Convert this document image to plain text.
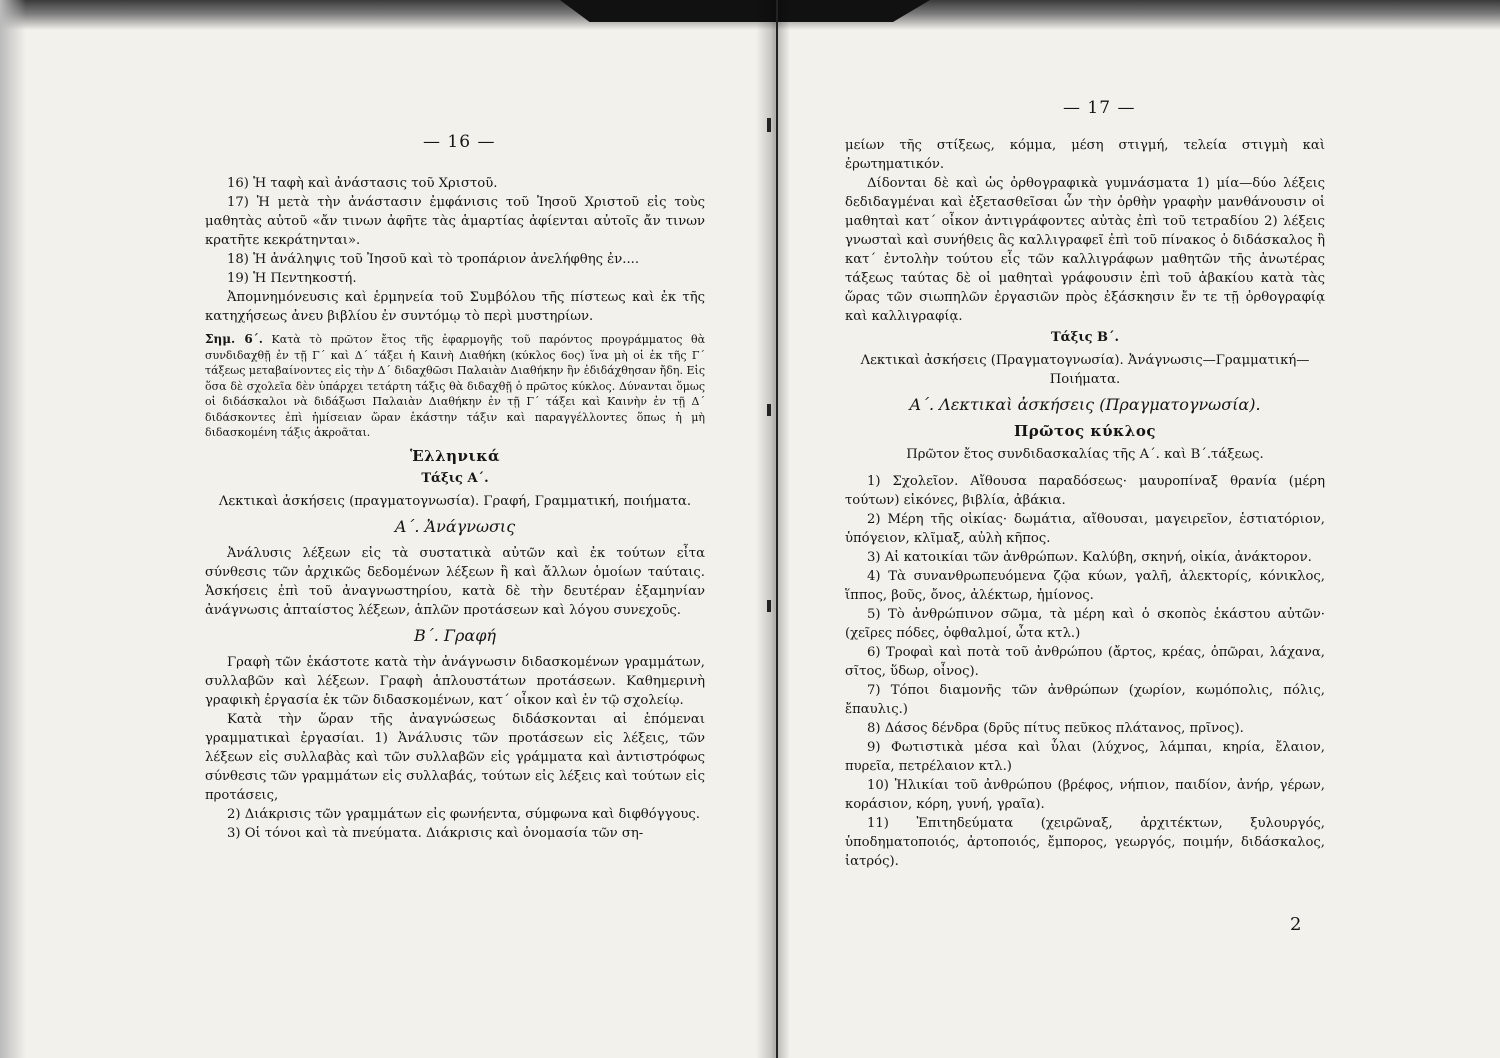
— 16 —

16) Ἡ ταφὴ καὶ ἀνάστασις τοῦ Χριστοῦ.

17) Ἡ μετὰ τὴν ἀνάστασιν ἐμφάνισις τοῦ Ἰησοῦ Χριστοῦ εἰς τοὺς μαθητὰς αὐτοῦ «ἄν τινων ἀφῆτε τὰς ἁμαρτίας ἀφίενται αὐτοῖς ἄν τινων κρατῆτε κεκράτηνται».

18) Ἡ ἀνάληψις τοῦ Ἰησοῦ καὶ τὸ τροπάριον ἀνελήφθης ἐν....

19) Ἡ Πεντηκοστή.

Ἀπομνημόνευσις καὶ ἑρμηνεία τοῦ Συμβόλου τῆς πίστεως καὶ ἐκ τῆς κατηχήσεως ἀνευ βιβλίου ἐν συντόμῳ τὸ περὶ μυστηρίων.

Σημ. 6΄. Κατὰ τὸ πρῶτον ἔτος τῆς ἐφαρμογῆς τοῦ παρόντος προγράμματος θὰ συνδιδαχθῇ ἐν τῇ Γ΄ καὶ Δ΄ τάξει ἡ Καινὴ Διαθήκη (κύκλος 6ος) ἵνα μὴ οἱ ἐκ τῆς Γ΄ τάξεως μεταβαίνοντες εἰς τὴν Δ΄ διδαχθῶσι Παλαιὰν Διαθήκην ἣν ἐδιδάχθησαν ἤδη. Εἰς ὅσα δὲ σχολεῖα δὲν ὑπάρχει τετάρτη τάξις θὰ διδαχθῇ ὁ πρῶτος κύκλος. Δύνανται ὅμως οἱ διδάσκαλοι νὰ διδάξωσι Παλαιὰν Διαθήκην ἐν τῇ Γ΄ τάξει καὶ Καινὴν ἐν τῇ Δ΄ διδάσκοντες ἐπὶ ἡμίσειαν ὥραν ἑκάστην τάξιν καὶ παραγγέλλοντες ὅπως ἡ μὴ διδασκομένη τάξις ἀκροᾶται.

Ἑλληνικά
Τάξις Α΄.
Λεκτικαὶ ἀσκήσεις (πραγματογνωσία). Γραφή, Γραμματική, ποιήματα.
Α΄. Ἀνάγνωσις

Ἀνάλυσις λέξεων εἰς τὰ συστατικὰ αὐτῶν καὶ ἐκ τούτων εἶτα σύνθεσις τῶν ἀρχικῶς δεδομένων λέξεων ἢ καὶ ἄλλων ὁμοίων ταύταις. Ἀσκήσεις ἐπὶ τοῦ ἀναγνωστηρίου, κατὰ δὲ τὴν δευτέραν ἑξαμηνίαν ἀνάγνωσις ἀπταίστος λέξεων, ἁπλῶν προτάσεων καὶ λόγου συνεχοῦς.

Β΄. Γραφή

Γραφὴ τῶν ἑκάστοτε κατὰ τὴν ἀνάγνωσιν διδασκομένων γραμμάτων, συλλαβῶν καὶ λέξεων. Γραφὴ ἁπλουστάτων προτάσεων. Καθημερινὴ γραφικὴ ἐργασία ἐκ τῶν διδασκομένων, κατ΄ οἶκον καὶ ἐν τῷ σχολείῳ.

Κατὰ τὴν ὥραν τῆς ἀναγνώσεως διδάσκονται αἱ ἑπόμεναι γραμματικαὶ ἐργασίαι. 1) Ἀνάλυσις τῶν προτάσεων εἰς λέξεις, τῶν λέξεων εἰς συλλαβὰς καὶ τῶν συλλαβῶν εἰς γράμματα καὶ ἀντιστρόφως σύνθεσις τῶν γραμμάτων εἰς συλλαβάς, τούτων εἰς λέξεις καὶ τούτων εἰς προτάσεις,

2) Διάκρισις τῶν γραμμάτων εἰς φωνήεντα, σύμφωνα καὶ διφθόγγους.

3) Οἱ τόνοι καὶ τὰ πνεύματα. Διάκρισις καὶ ὀνομασία τῶν ση-

— 17 —

μείων τῆς στίξεως, κόμμα, μέση στιγμή, τελεία στιγμὴ καὶ ἐρωτηματικόν.

Δίδονται δὲ καὶ ὡς ὀρθογραφικὰ γυμνάσματα 1) μία—δύο λέξεις δεδιδαγμέναι καὶ ἐξετασθεῖσαι ὧν τὴν ὀρθὴν γραφὴν μανθάνουσιν οἱ μαθηταὶ κατ΄ οἶκον ἀντιγράφοντες αὐτὰς ἐπὶ τοῦ τετραδίου 2) λέξεις γνωσταὶ καὶ συνήθεις ἃς καλλιγραφεῖ ἐπὶ τοῦ πίνακος ὁ διδάσκαλος ἢ κατ΄ ἐντολὴν τούτου εἷς τῶν καλλιγράφων μαθητῶν τῆς ἀνωτέρας τάξεως ταύτας δὲ οἱ μαθηταὶ γράφουσιν ἐπὶ τοῦ ἀβακίου κατὰ τὰς ὥρας τῶν σιωπηλῶν ἐργασιῶν πρὸς ἐξάσκησιν ἔν τε τῇ ὀρθογραφίᾳ καὶ καλλιγραφίᾳ.

Τάξις Β΄.
Λεκτικαὶ ἀσκήσεις (Πραγματογνωσία). Ἀνάγνωσις—Γραμματική—Ποιήματα.
Α΄. Λεκτικαὶ ἀσκήσεις (Πραγματογνωσία).
Πρῶτος κύκλος
Πρῶτον ἔτος συνδιδασκαλίας τῆς Α΄. καὶ Β΄.τάξεως.

1) Σχολεῖον. Αἴθουσα παραδόσεως· μαυροπίναξ θρανία (μέρη τούτων) εἰκόνες, βιβλία, ἀβάκια.

2) Μέρη τῆς οἰκίας· δωμάτια, αἴθουσαι, μαγειρεῖον, ἑστιατόριον, ὑπόγειον, κλῖμαξ, αὐλὴ κῆπος.

3) Αἱ κατοικίαι τῶν ἀνθρώπων. Καλύβη, σκηνή, οἰκία, ἀνάκτορον.

4) Τὰ συνανθρωπευόμενα ζῷα κύων, γαλῆ, ἀλεκτορίς, κόνικλος, ἵππος, βοῦς, ὄνος, ἀλέκτωρ, ἡμίονος.

5) Τὸ ἀνθρώπινον σῶμα, τὰ μέρη καὶ ὁ σκοπὸς ἑκάστου αὐτῶν· (χεῖρες πόδες, ὀφθαλμοί, ὦτα κτλ.)

6) Τροφαὶ καὶ ποτὰ τοῦ ἀνθρώπου (ἄρτος, κρέας, ὀπῶραι, λάχανα, σῖτος, ὕδωρ, οἶνος).

7) Τόποι διαμονῆς τῶν ἀνθρώπων (χωρίον, κωμόπολις, πόλις, ἔπαυλις.)

8) Δάσος δένδρα (δρῦς πίτυς πεῦκος πλάτανος, πρῖνος).

9) Φωτιστικὰ μέσα καὶ ὗλαι (λύχνος, λάμπαι, κηρία, ἔλαιον, πυρεῖα, πετρέλαιον κτλ.)

10) Ἡλικίαι τοῦ ἀνθρώπου (βρέφος, νήπιον, παιδίον, ἀνήρ, γέρων, κοράσιον, κόρη, γυνή, γραῖα).

11) Ἐπιτηδεύματα (χειρῶναξ, ἀρχιτέκτων, ξυλουργός, ὑποδηματοποιός, ἀρτοποιός, ἔμπορος, γεωργός, ποιμήν, διδάσκαλος, ἰατρός).

2
